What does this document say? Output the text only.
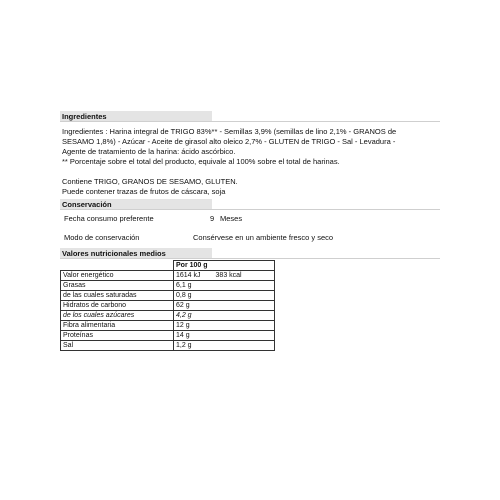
Ingredientes
Ingredientes : Harina integral de TRIGO 83%** - Semillas 3,9% (semillas de lino 2,1% - GRANOS de
SESAMO 1,8%) - Azúcar - Aceite de girasol alto oleico 2,7% - GLUTEN de TRIGO - Sal - Levadura -
Agente de tratamiento de la harina: ácido ascórbico.
** Porcentaje sobre el total del producto, equivale al 100% sobre el total de harinas.
Contiene TRIGO, GRANOS DE SESAMO, GLUTEN.
Puede contener trazas de frutos de cáscara, soja
Conservación
Fecha consumo preferente	9 Meses
Modo de conservación	Consérvese en un ambiente fresco y seco
Valores nutricionales medios
	Por 100 g
Valor energético	1614 kJ 383 kcal
Grasas	6,1 g
de las cuales saturadas	0,8 g
Hidratos de carbono	62 g
de los cuales azúcares	4,2 g
Fibra alimentaria	12 g
Proteínas	14 g
Sal	1,2 g
